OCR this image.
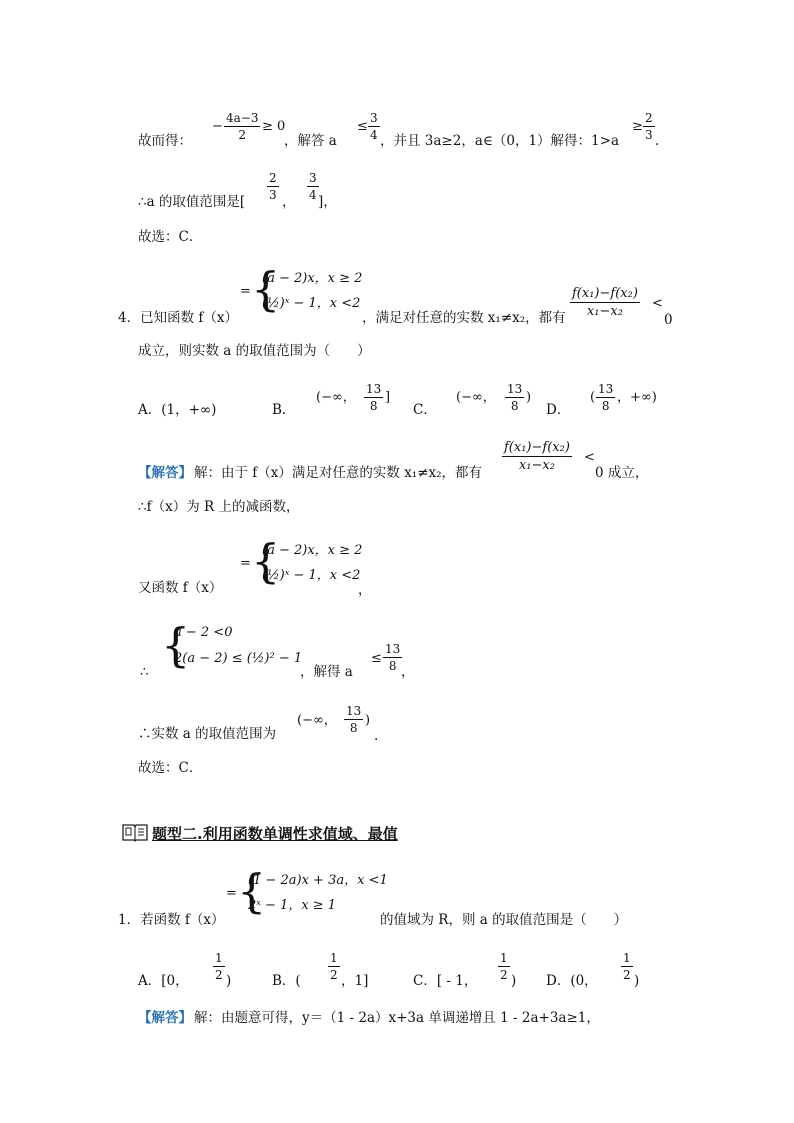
故而得：
− $\frac{4a-3}{2} \ge 0$
，解答 a
≤ $\frac{3}{4}$ ，并且 3a≥2，a∈（0，1）解得：1>a
≥ $\frac{2}{3}$ .
∴a 的取值范围是[
$\frac{2}{3}$
，
$\frac{3}{4}$
]，
故选：C．
= {
(a − 2)x，x ≥ 2
(½)ˣ − 1，x <2
4．已知函数 f（x）	，满足对任意的实数 x₁≠x₂，都有 $\frac{\text{f(x₁)−f(x₂)}}{\text{x₁−x₂}}$ <
0
成立，则实数 a 的取值范围为（　　）
A．(1，+∞)	B．
(−∞， $\frac{13}{8}$ ]
C．
(−∞， $\frac{13}{8}$ )
D．
( $\frac{13}{8}$ ，+∞)
【解答】 解：由于 f（x）满足对任意的实数 x₁≠x₂，都有
$\frac{\text{f(x₁)−f(x₂)}}{\text{x₁−x₂}}$ <
0 成立，
∴f（x）为 R 上的减函数，
= {
(a − 2)x，x ≥ 2
(½)ˣ − 1，x <2
又函数 f（x）	，
{
a − 2 <0
2(a − 2) ≤ (½)² − 1
∴	，解得 a
≤ $\frac{13}{8}$
，
∴实数 a 的取值范围为
(−∞， $\frac{13}{8}$ )
.
故选：C．
题型二.利用函数单调性求值域、最值
= {
(1 − 2a)x + 3a，x <1
2ˣ − 1，x ≥ 1
1．若函数 f（x）	的值域为 R，则 a 的取值范围是（　　）
A．[0， $\frac{1}{2}$ )	B．( $\frac{1}{2}$ ，1]	C．[ - 1， $\frac{1}{2}$ ) D．(0， $\frac{1}{2}$ )
【解答】 解：由题意可得，y＝（1 - 2a）x+3a 单调递增且 1 - 2a+3a≥1，
